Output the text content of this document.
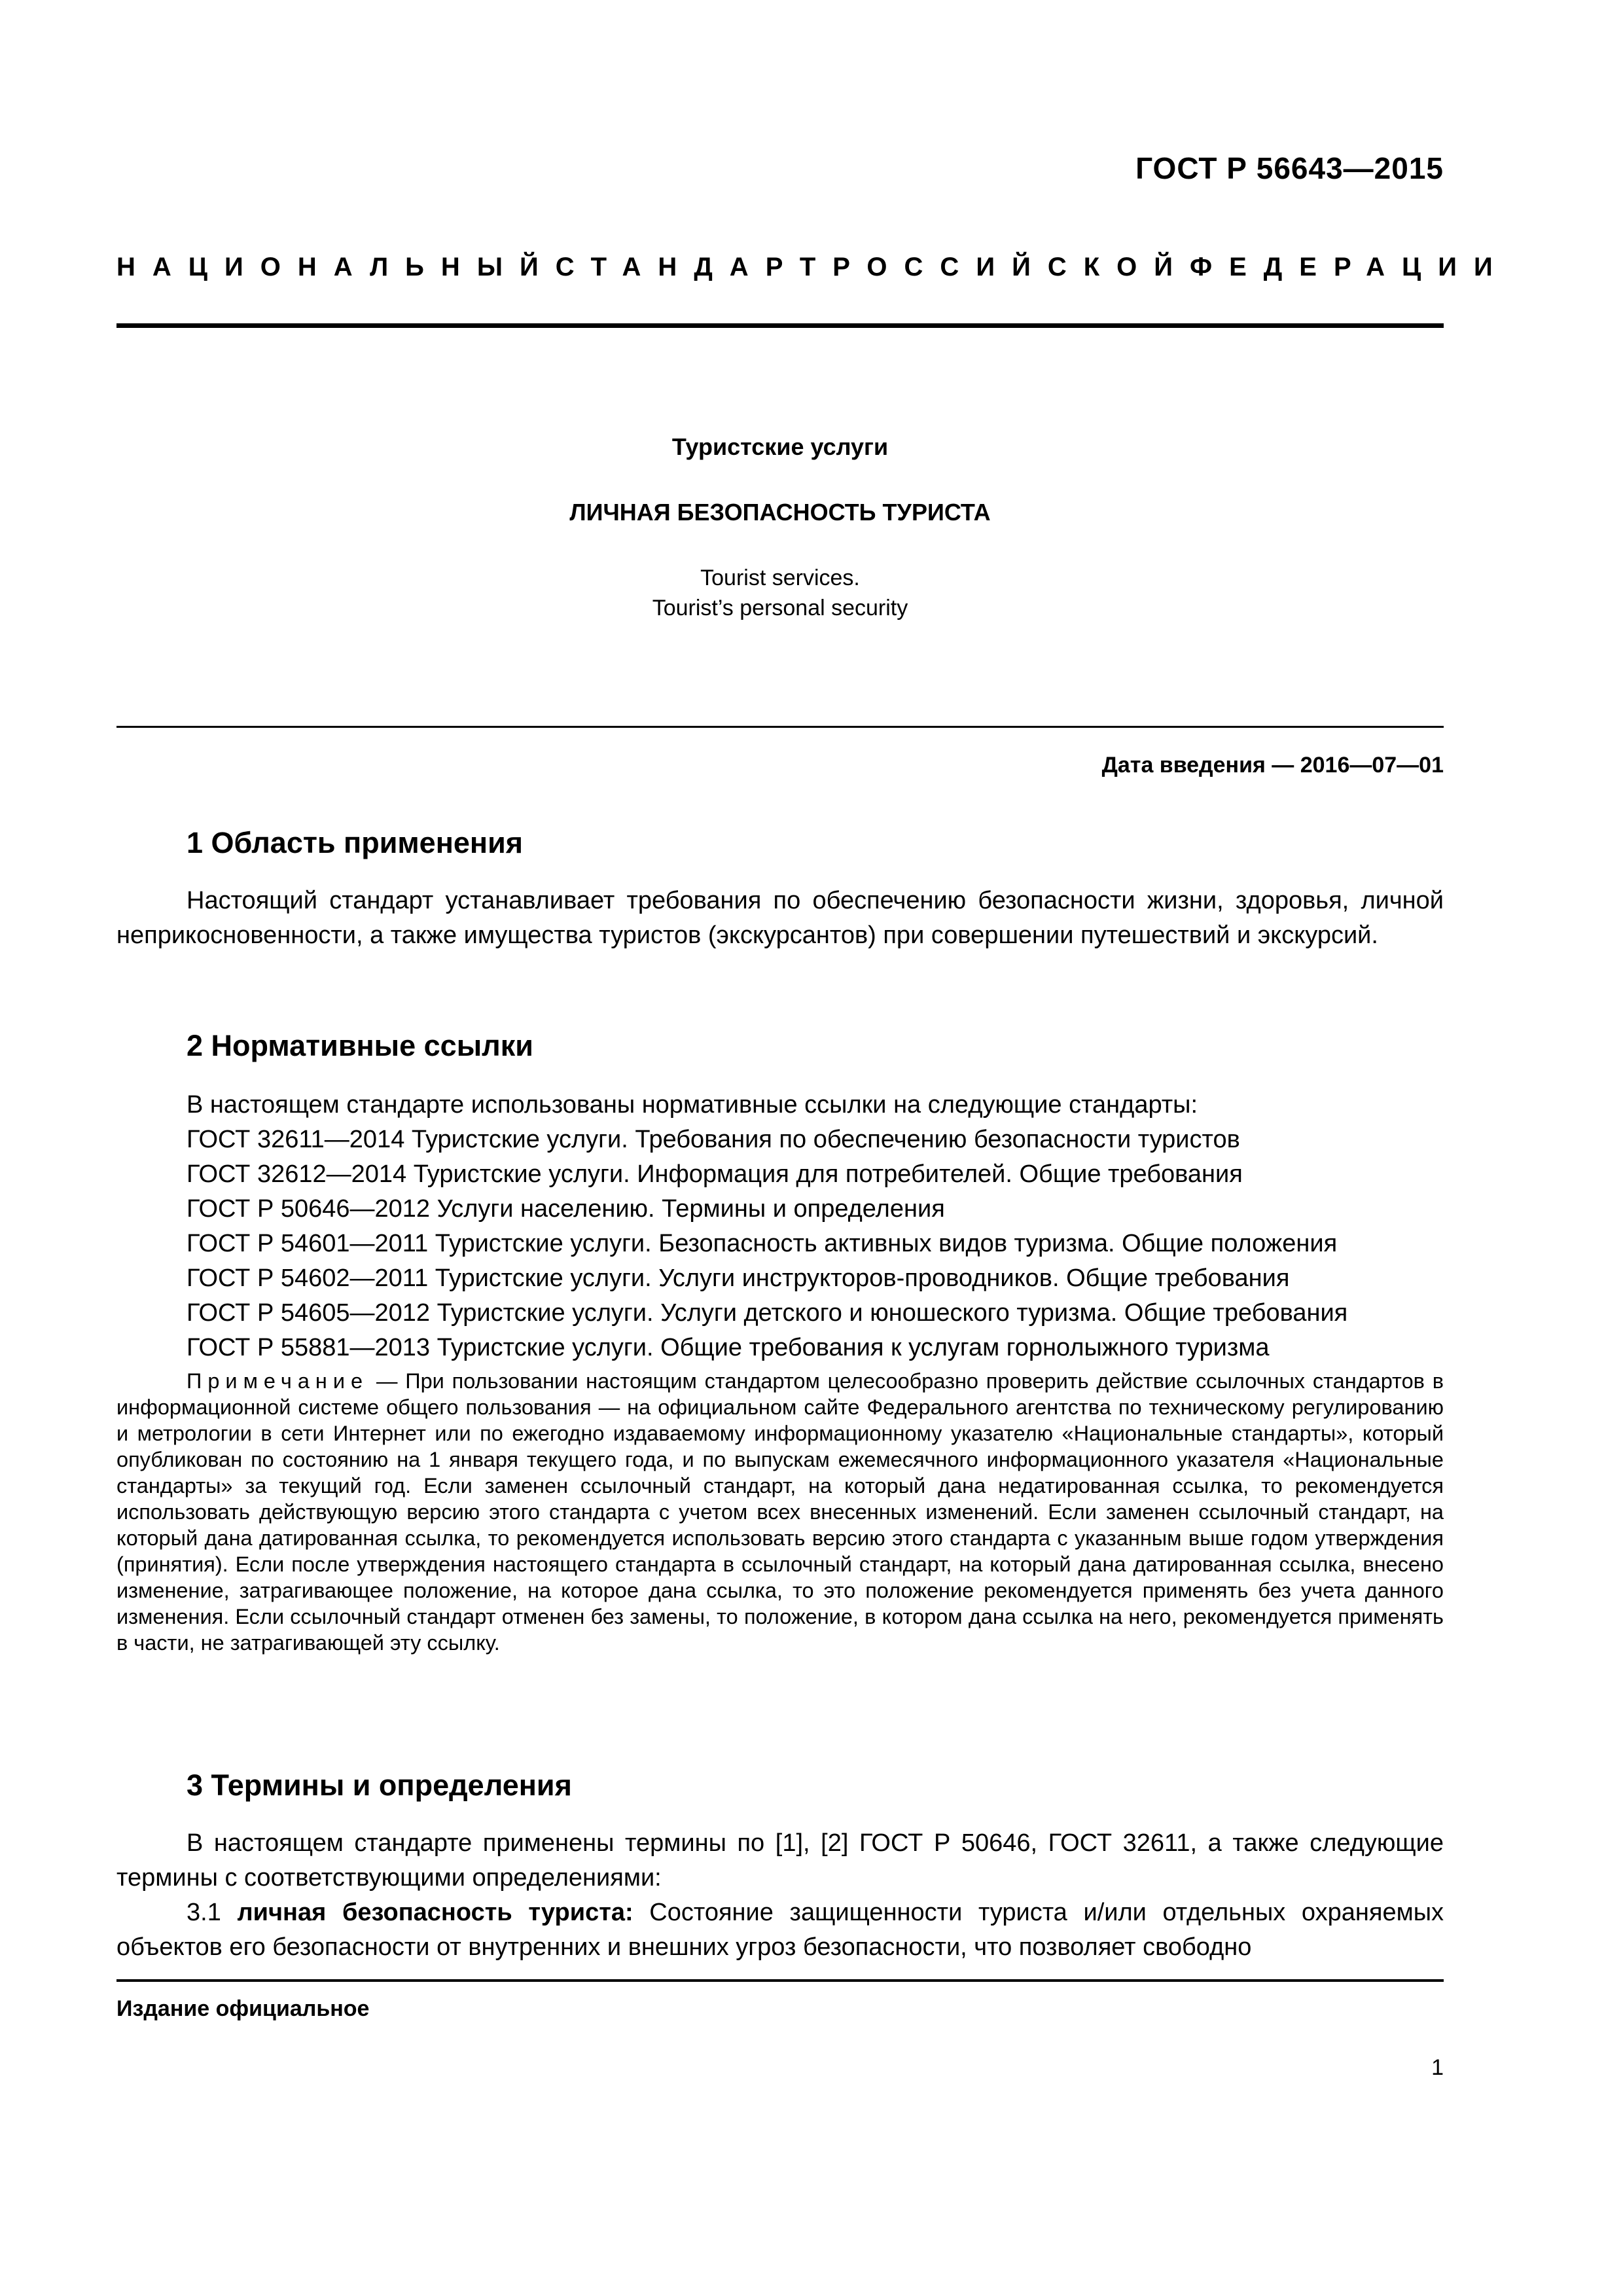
ГОСТ Р 56643—2015
НАЦИОНАЛЬНЫЙ СТАНДАРТ РОССИЙСКОЙ ФЕДЕРАЦИИ
Туристские услуги
ЛИЧНАЯ БЕЗОПАСНОСТЬ ТУРИСТА
Tourist services.
Tourist’s personal security
Дата введения — 2016—07—01
1 Область применения
Настоящий стандарт устанавливает требования по обеспечению безопасности жизни, здоровья, личной неприкосновенности, а также имущества туристов (экскурсантов) при совершении путешествий и экскурсий.
2 Нормативные ссылки
В настоящем стандарте использованы нормативные ссылки на следующие стандарты:
ГОСТ 32611—2014 Туристские услуги. Требования по обеспечению безопасности туристов
ГОСТ 32612—2014 Туристские услуги. Информация для потребителей. Общие требования
ГОСТ Р 50646—2012 Услуги населению. Термины и определения
ГОСТ Р 54601—2011 Туристские услуги. Безопасность активных видов туризма. Общие положения
ГОСТ Р 54602—2011 Туристские услуги. Услуги инструкторов-проводников. Общие требования
ГОСТ Р 54605—2012 Туристские услуги. Услуги детского и юношеского туризма. Общие требования
ГОСТ Р 55881—2013 Туристские услуги. Общие требования к услугам горнолыжного туризма
Примечание — При пользовании настоящим стандартом целесообразно проверить действие ссылочных стандартов в информационной системе общего пользования — на официальном сайте Федерального агентства по техническому регулированию и метрологии в сети Интернет или по ежегодно издаваемому информационному указателю «Национальные стандарты», который опубликован по состоянию на 1 января текущего года, и по выпускам ежемесячного информационного указателя «Национальные стандарты» за текущий год. Если заменен ссылочный стандарт, на который дана недатированная ссылка, то рекомендуется использовать действующую версию этого стандарта с учетом всех внесенных изменений. Если заменен ссылочный стандарт, на который дана датированная ссылка, то рекомендуется использовать версию этого стандарта с указанным выше годом утверждения (принятия). Если после утверждения настоящего стандарта в ссылочный стандарт, на который дана датированная ссылка, внесено изменение, затрагивающее положение, на которое дана ссылка, то это положение рекомендуется применять без учета данного изменения. Если ссылочный стандарт отменен без замены, то положение, в котором дана ссылка на него, рекомендуется применять в части, не затрагивающей эту ссылку.
3 Термины и определения
В настоящем стандарте применены термины по [1], [2] ГОСТ Р 50646, ГОСТ 32611, а также следующие термины с соответствующими определениями:
3.1 личная безопасность туриста: Состояние защищенности туриста и/или отдельных охраняемых объектов его безопасности от внутренних и внешних угроз безопасности, что позволяет свободно
Издание официальное
1
